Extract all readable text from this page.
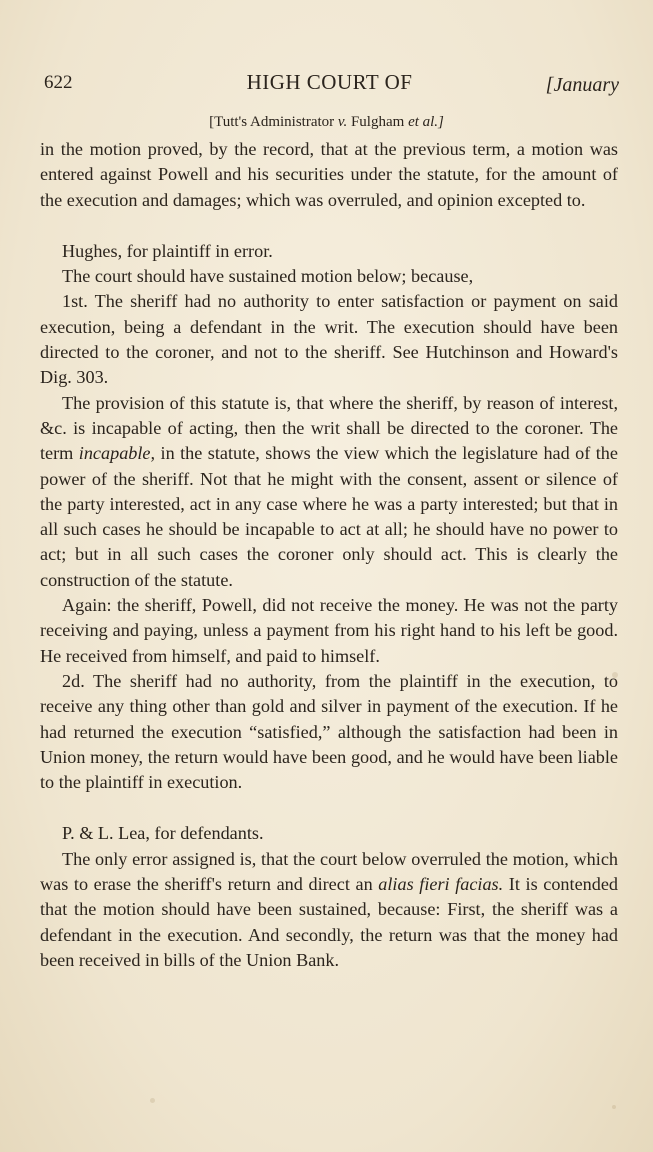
622	HIGH COURT OF	[January
[Tutt's Administrator v. Fulgham et al.]

in the motion proved, by the record, that at the previous term, a motion was entered against Powell and his securities under the statute, for the amount of the execution and damages; which was overruled, and opinion excepted to.

Hughes, for plaintiff in error.

The court should have sustained motion below; because,

1st. The sheriff had no authority to enter satisfaction or payment on said execution, being a defendant in the writ. The execution should have been directed to the coroner, and not to the sheriff. See Hutchinson and Howard's Dig. 303.

The provision of this statute is, that where the sheriff, by reason of interest, &c. is incapable of acting, then the writ shall be directed to the coroner. The term incapable, in the statute, shows the view which the legislature had of the power of the sheriff. Not that he might with the consent, assent or silence of the party interested, act in any case where he was a party interested; but that in all such cases he should be incapable to act at all; he should have no power to act; but in all such cases the coroner only should act. This is clearly the construction of the statute.

Again: the sheriff, Powell, did not receive the money. He was not the party receiving and paying, unless a payment from his right hand to his left be good. He received from himself, and paid to himself.

2d. The sheriff had no authority, from the plaintiff in the execution, to receive any thing other than gold and silver in payment of the execution. If he had returned the execution “satisfied,” although the satisfaction had been in Union money, the return would have been good, and he would have been liable to the plaintiff in execution.

P. & L. Lea, for defendants.

The only error assigned is, that the court below overruled the motion, which was to erase the sheriff's return and direct an alias fieri facias. It is contended that the motion should have been sustained, because: First, the sheriff was a defendant in the execution. And secondly, the return was that the money had been received in bills of the Union Bank.
